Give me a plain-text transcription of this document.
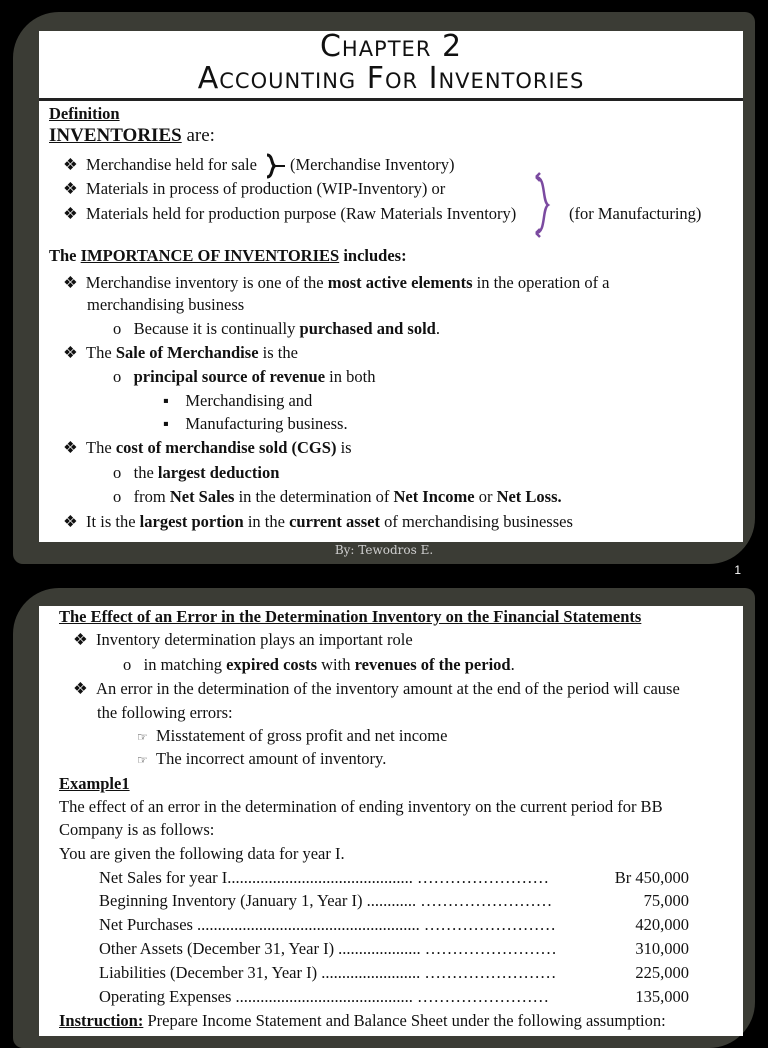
Chapter 2
Accounting For Inventories
Definition
INVENTORIES are:
❖ Merchandise held for sale
❖ Materials in process of production (WIP-Inventory) or
❖ Materials held for production purpose (Raw Materials Inventory)
(Merchandise Inventory)
(for Manufacturing)
The IMPORTANCE OF INVENTORIES includes:
❖ Merchandise inventory is one of the most active elements in the operation of a
merchandising business
o Because it is continually purchased and sold.
❖ The Sale of Merchandise is the
o principal source of revenue in both
▪ Merchandising and
▪ Manufacturing business.
❖ The cost of merchandise sold (CGS) is
o the largest deduction
o from Net Sales in the determination of Net Income or Net Loss.
❖ It is the largest portion in the current asset of merchandising businesses
By: Tewodros E.
1
The Effect of an Error in the Determination Inventory on the Financial Statements
❖ Inventory determination plays an important role
o in matching expired costs with revenues of the period.
❖ An error in the determination of the inventory amount at the end of the period will cause
the following errors:
☞ Misstatement of gross profit and net income
☞ The incorrect amount of inventory.
Example1
The effect of an error in the determination of ending inventory on the current period for BB
Company is as follows:
You are given the following data for year I.
Net Sales for year I............................................. ……………………	Br 450,000
Beginning Inventory (January 1, Year I) ............ ……………………	75,000
Net Purchases ...................................................... ……………………	420,000
Other Assets (December 31, Year I) .................... ……………………	310,000
Liabilities (December 31, Year I) ........................ ……………………	225,000
Operating Expenses ........................................... ……………………	135,000
Instruction: Prepare Income Statement and Balance Sheet under the following assumption:
